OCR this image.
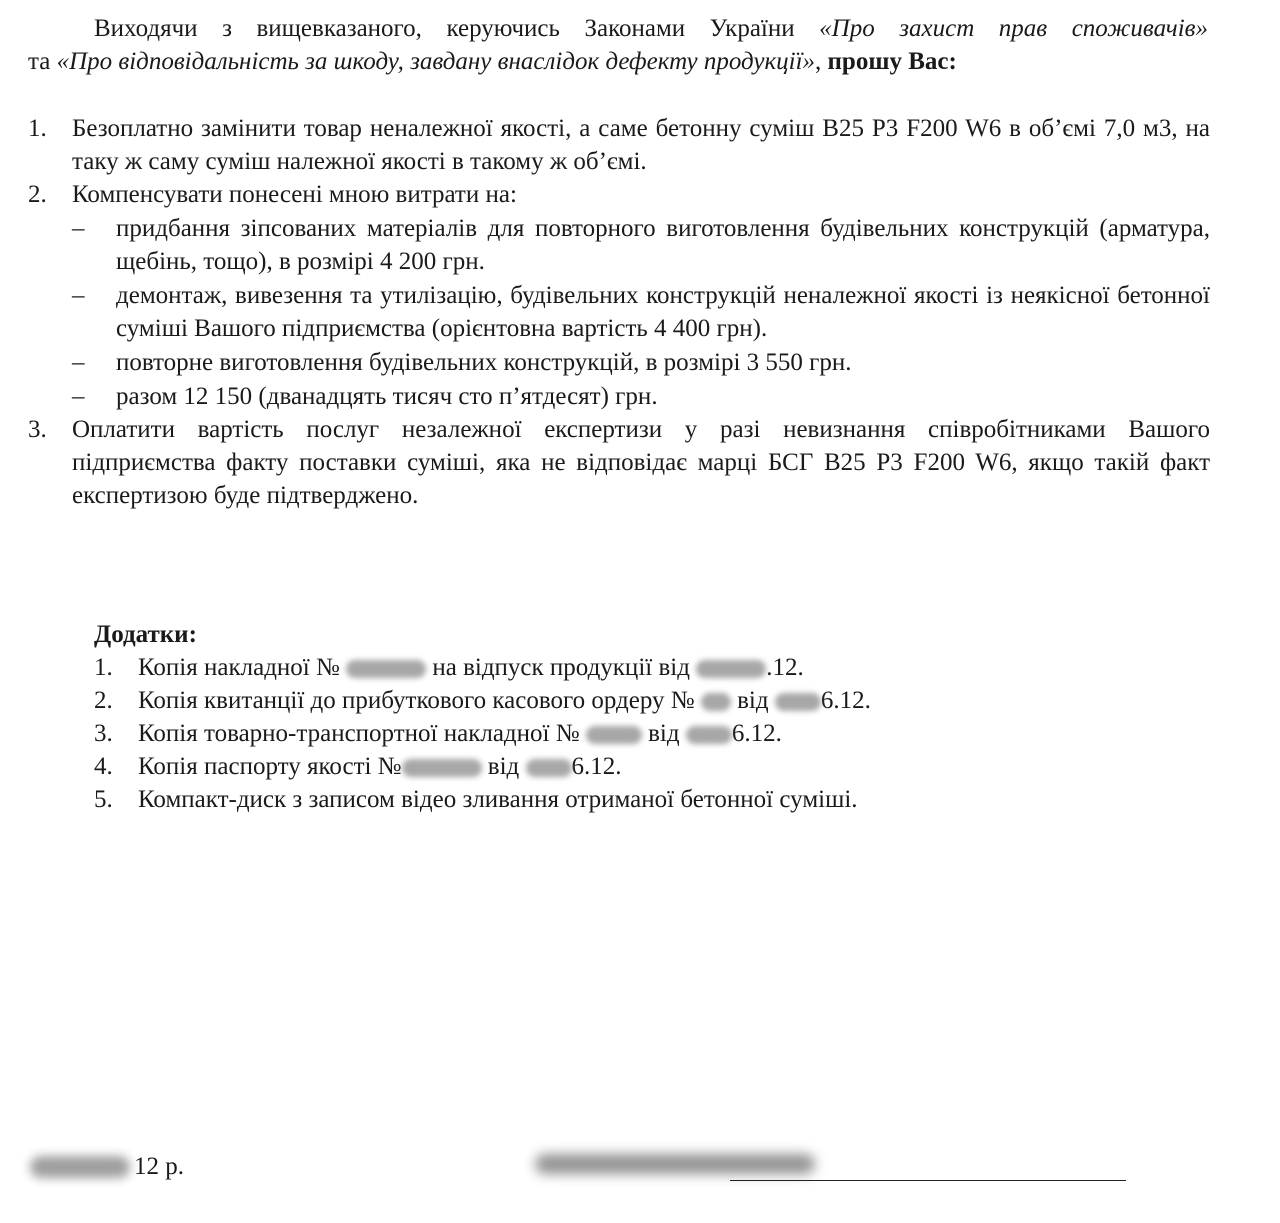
Виходячи з вищевказаного, керуючись Законами України «Про захист прав споживачів»
та «Про відповідальність за шкоду, завдану внаслідок дефекту продукції», прошу Вас:
1. Безоплатно замінити товар неналежної якості, а саме бетонну суміш В25 Р3 F200 W6 в об’ємі 7,0 м3, на таку ж саму суміш належної якості в такому ж об’ємі.
2. Компенсувати понесені мною витрати на:
– придбання зіпсованих матеріалів для повторного виготовлення будівельних конструкцій (арматура, щебінь, тощо), в розмірі 4 200 грн.
– демонтаж, вивезення та утилізацію, будівельних конструкцій неналежної якості із неякісної бетонної суміші Вашого підприємства (орієнтовна вартість 4 400 грн).
– повторне виготовлення будівельних конструкцій, в розмірі 3 550 грн.
– разом 12 150 (дванадцять тисяч сто п’ятдесят) грн.
3. Оплатити вартість послуг незалежної експертизи у разі невизнання співробітниками Вашого підприємства факту поставки суміші, яка не відповідає марці БСГ В25 Р3 F200 W6, якщо такій факт експертизою буде підтверджено.
Додатки:
1. Копія накладної №	на відпуск продукції від	.12.
2. Копія квитанції до прибуткового касового ордеру № від 6.12.
3. Копія товарно-транспортної накладної №	від 6.12.
4. Копія паспорту якості №	від 6.12.
5. Компакт-диск з записом відео зливання отриманої бетонної суміші.
12 р.
